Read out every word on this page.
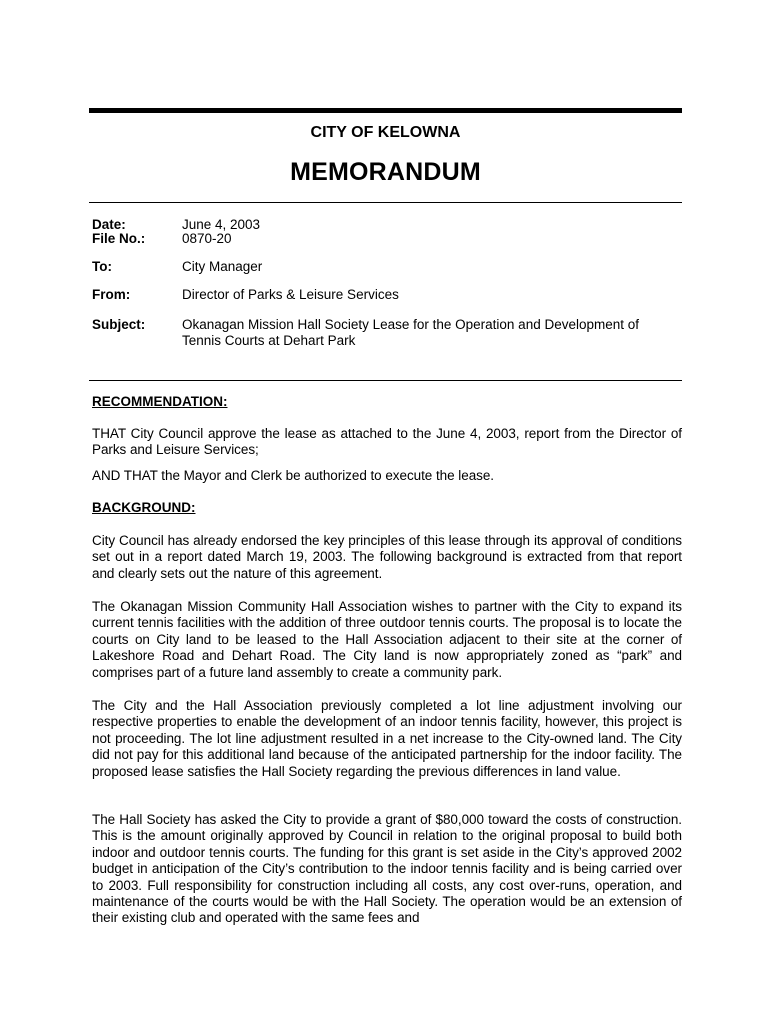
CITY OF KELOWNA
MEMORANDUM
Date:	June 4, 2003
File No.:	0870-20
To:	City Manager
From:	Director of Parks & Leisure Services
Subject:	Okanagan Mission Hall Society Lease for the Operation and Development of Tennis Courts at Dehart Park
RECOMMENDATION:
THAT City Council approve the lease as attached to the June 4, 2003, report from the Director of Parks and Leisure Services;
AND THAT the Mayor and Clerk be authorized to execute the lease.
BACKGROUND:
City Council has already endorsed the key principles of this lease through its approval of conditions set out in a report dated March 19, 2003. The following background is extracted from that report and clearly sets out the nature of this agreement.
The Okanagan Mission Community Hall Association wishes to partner with the City to expand its current tennis facilities with the addition of three outdoor tennis courts. The proposal is to locate the courts on City land to be leased to the Hall Association adjacent to their site at the corner of Lakeshore Road and Dehart Road. The City land is now appropriately zoned as “park” and comprises part of a future land assembly to create a community park.
The City and the Hall Association previously completed a lot line adjustment involving our respective properties to enable the development of an indoor tennis facility, however, this project is not proceeding. The lot line adjustment resulted in a net increase to the City-owned land. The City did not pay for this additional land because of the anticipated partnership for the indoor facility. The proposed lease satisfies the Hall Society regarding the previous differences in land value.
The Hall Society has asked the City to provide a grant of $80,000 toward the costs of construction. This is the amount originally approved by Council in relation to the original proposal to build both indoor and outdoor tennis courts. The funding for this grant is set aside in the City’s approved 2002 budget in anticipation of the City’s contribution to the indoor tennis facility and is being carried over to 2003. Full responsibility for construction including all costs, any cost over-runs, operation, and maintenance of the courts would be with the Hall Society. The operation would be an extension of their existing club and operated with the same fees and
